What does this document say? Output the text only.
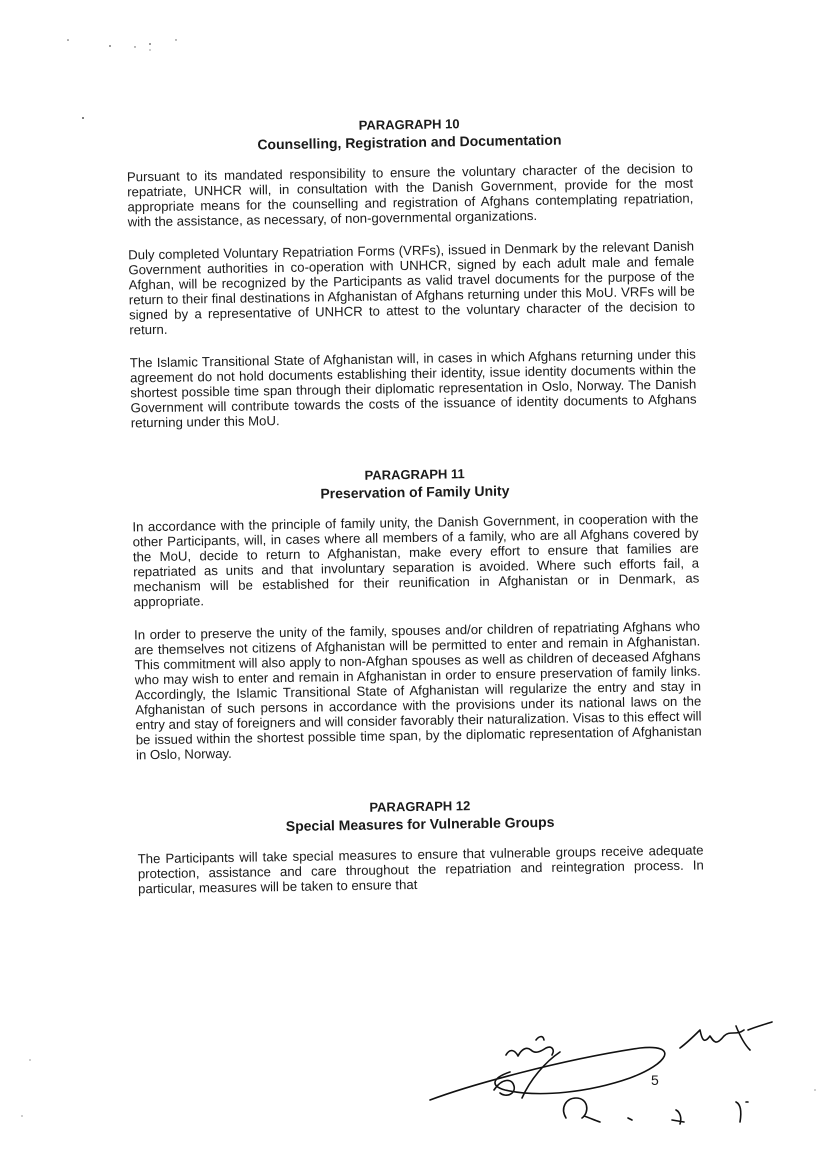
PARAGRAPH 10
Counselling, Registration and Documentation

Pursuant to its mandated responsibility to ensure the voluntary character of the decision to repatriate, UNHCR will, in consultation with the Danish Government, provide for the most appropriate means for the counselling and registration of Afghans contemplating repatriation, with the assistance, as necessary, of non-governmental organizations.

Duly completed Voluntary Repatriation Forms (VRFs), issued in Denmark by the relevant Danish Government authorities in co-operation with UNHCR, signed by each adult male and female Afghan, will be recognized by the Participants as valid travel documents for the purpose of the return to their final destinations in Afghanistan of Afghans returning under this MoU. VRFs will be signed by a representative of UNHCR to attest to the voluntary character of the decision to return.

The Islamic Transitional State of Afghanistan will, in cases in which Afghans returning under this agreement do not hold documents establishing their identity, issue identity documents within the shortest possible time span through their diplomatic representation in Oslo, Norway. The Danish Government will contribute towards the costs of the issuance of identity documents to Afghans returning under this MoU.

PARAGRAPH 11
Preservation of Family Unity

In accordance with the principle of family unity, the Danish Government, in cooperation with the other Participants, will, in cases where all members of a family, who are all Afghans covered by the MoU, decide to return to Afghanistan, make every effort to ensure that families are repatriated as units and that involuntary separation is avoided. Where such efforts fail, a mechanism will be established for their reunification in Afghanistan or in Denmark, as appropriate.

In order to preserve the unity of the family, spouses and/or children of repatriating Afghans who are themselves not citizens of Afghanistan will be permitted to enter and remain in Afghanistan. This commitment will also apply to non-Afghan spouses as well as children of deceased Afghans who may wish to enter and remain in Afghanistan in order to ensure preservation of family links. Accordingly, the Islamic Transitional State of Afghanistan will regularize the entry and stay in Afghanistan of such persons in accordance with the provisions under its national laws on the entry and stay of foreigners and will consider favorably their naturalization. Visas to this effect will be issued within the shortest possible time span, by the diplomatic representation of Afghanistan in Oslo, Norway.

PARAGRAPH 12
Special Measures for Vulnerable Groups

The Participants will take special measures to ensure that vulnerable groups receive adequate protection, assistance and care throughout the repatriation and reintegration process. In particular, measures will be taken to ensure that

5
